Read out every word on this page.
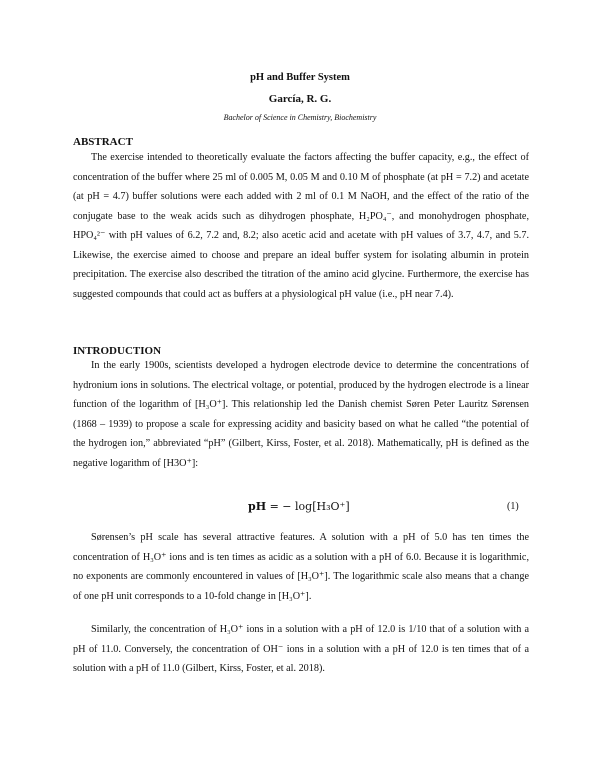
pH and Buffer System
García, R. G.
Bachelor of Science in Chemistry, Biochemistry
ABSTRACT
The exercise intended to theoretically evaluate the factors affecting the buffer capacity, e.g., the effect of concentration of the buffer where 25 ml of 0.005 M, 0.05 M and 0.10 M of phosphate (at pH = 7.2) and acetate (at pH = 4.7) buffer solutions were each added with 2 ml of 0.1 M NaOH, and the effect of the ratio of the conjugate base to the weak acids such as dihydrogen phosphate, H₂PO₄⁻, and monohydrogen phosphate, HPO₄²⁻ with pH values of 6.2, 7.2 and, 8.2; also acetic acid and acetate with pH values of 3.7, 4.7, and 5.7. Likewise, the exercise aimed to choose and prepare an ideal buffer system for isolating albumin in protein precipitation. The exercise also described the titration of the amino acid glycine. Furthermore, the exercise has suggested compounds that could act as buffers at a physiological pH value (i.e., pH near 7.4).
INTRODUCTION
In the early 1900s, scientists developed a hydrogen electrode device to determine the concentrations of hydronium ions in solutions. The electrical voltage, or potential, produced by the hydrogen electrode is a linear function of the logarithm of [H₃O⁺]. This relationship led the Danish chemist Søren Peter Lauritz Sørensen (1868 – 1939) to propose a scale for expressing acidity and basicity based on what he called “the potential of the hydrogen ion,” abbreviated “pH” (Gilbert, Kirss, Foster, et al. 2018). Mathematically, pH is defined as the negative logarithm of [H3O⁺]:
pH = − log[H₃O⁺]	(1)
Sørensen’s pH scale has several attractive features. A solution with a pH of 5.0 has ten times the concentration of H₃O⁺ ions and is ten times as acidic as a solution with a pH of 6.0. Because it is logarithmic, no exponents are commonly encountered in values of [H₃O⁺]. The logarithmic scale also means that a change of one pH unit corresponds to a 10-fold change in [H₃O⁺].
Similarly, the concentration of H₃O⁺ ions in a solution with a pH of 12.0 is 1/10 that of a solution with a pH of 11.0. Conversely, the concentration of OH⁻ ions in a solution with a pH of 12.0 is ten times that of a solution with a pH of 11.0 (Gilbert, Kirss, Foster, et al. 2018).
